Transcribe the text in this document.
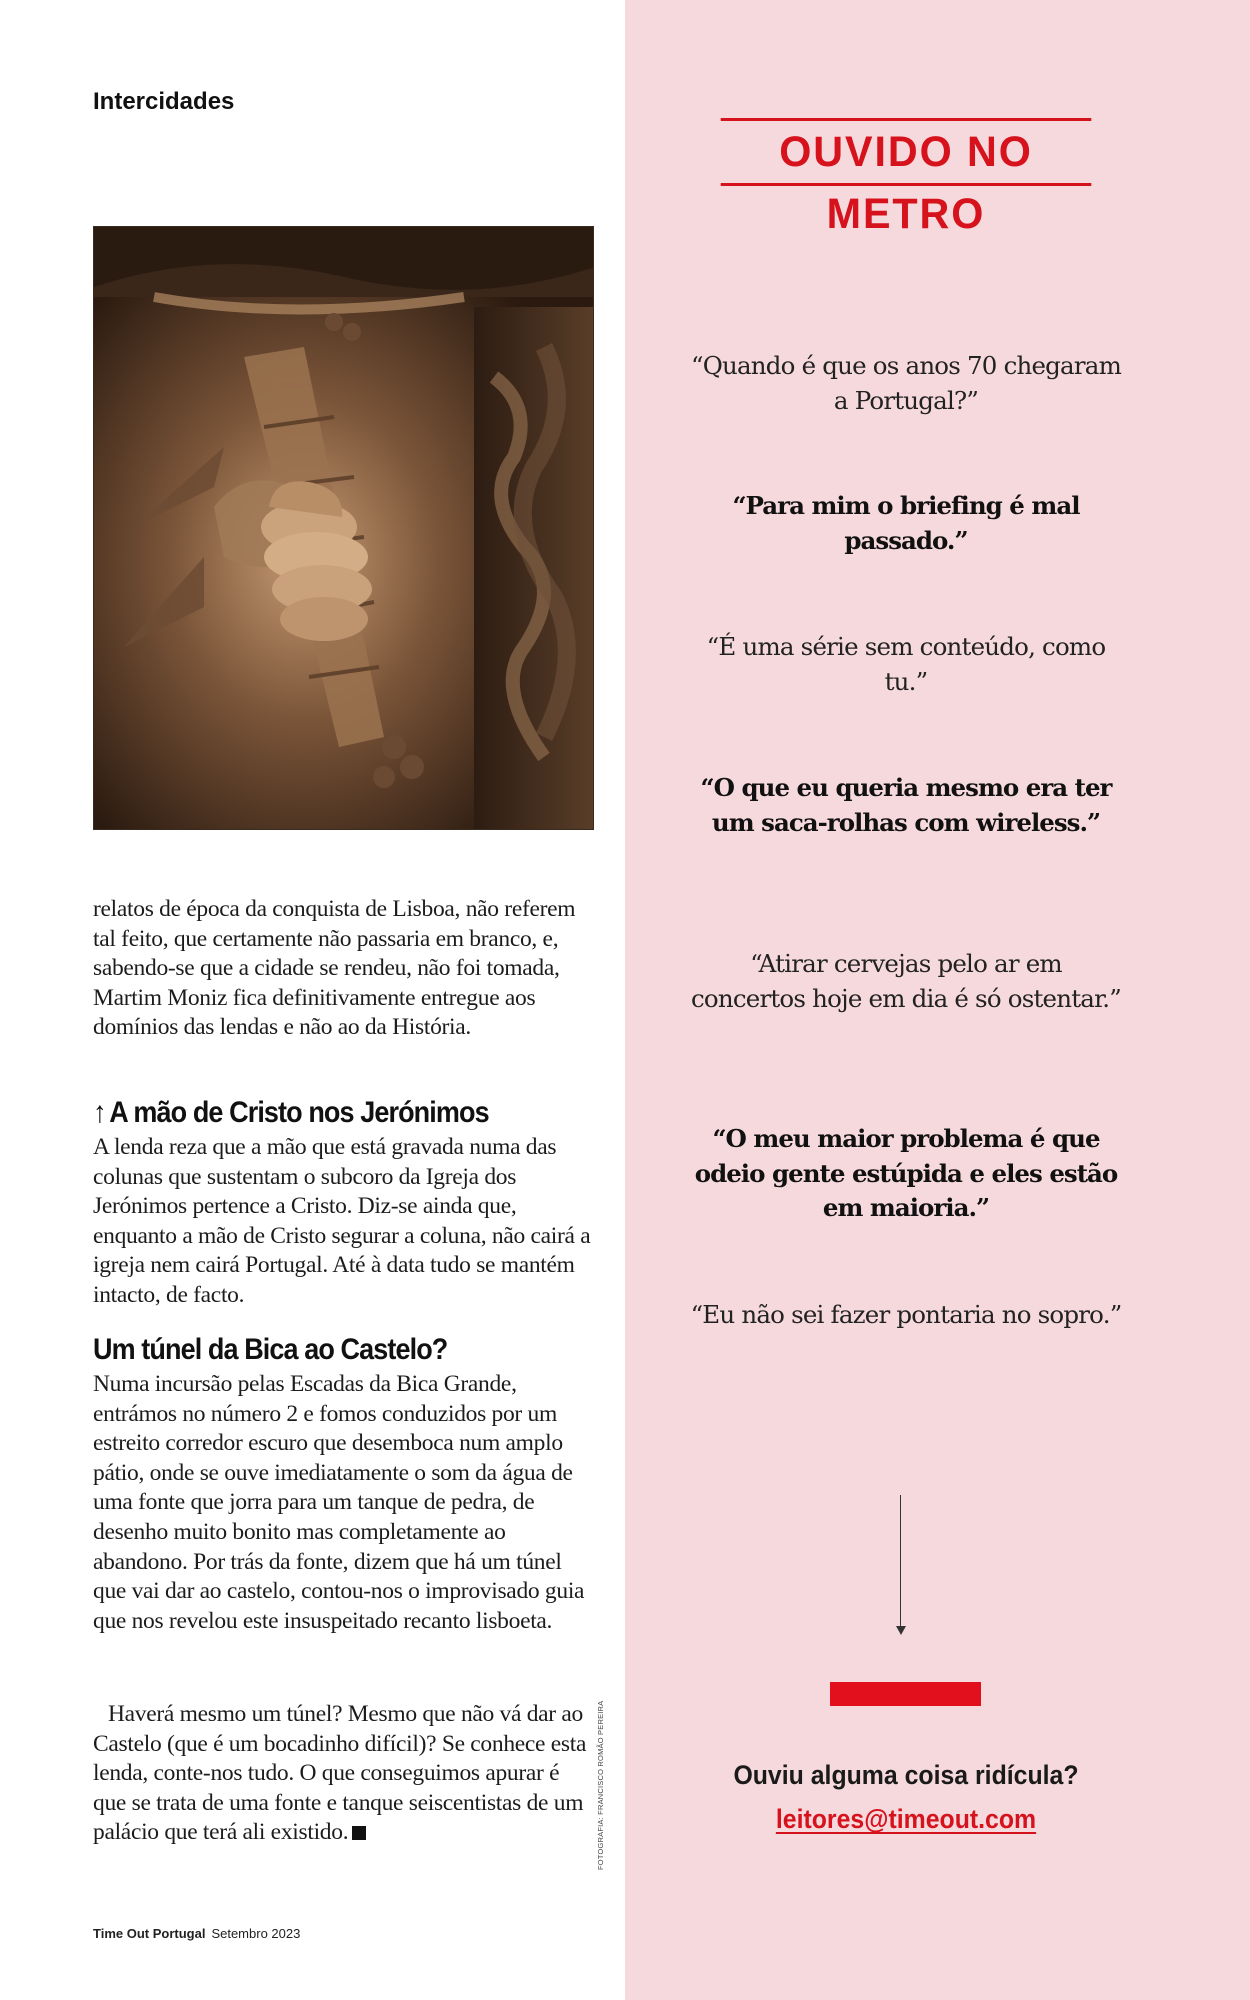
Intercidades

relatos de época da conquista de Lisboa, não referem tal feito, que certamente não passaria em branco, e, sabendo-se que a cidade se rendeu, não foi tomada, Martim Moniz fica definitivamente entregue aos domínios das lendas e não ao da História.

↑ A mão de Cristo nos Jerónimos

A lenda reza que a mão que está gravada numa das colunas que sustentam o subcoro da Igreja dos Jerónimos pertence a Cristo. Diz-se ainda que, enquanto a mão de Cristo segurar a coluna, não cairá a igreja nem cairá Portugal. Até à data tudo se mantém intacto, de facto.

Um túnel da Bica ao Castelo?

Numa incursão pelas Escadas da Bica Grande, entrámos no número 2 e fomos conduzidos por um estreito corredor escuro que desemboca num amplo pátio, onde se ouve imediatamente o som da água de uma fonte que jorra para um tanque de pedra, de desenho muito bonito mas completamente ao abandono. Por trás da fonte, dizem que há um túnel que vai dar ao castelo, contou-nos o improvisado guia que nos revelou este insuspeitado recanto lisboeta.

Haverá mesmo um túnel? Mesmo que não vá dar ao Castelo (que é um bocadinho difícil)? Se conhece esta lenda, conte-nos tudo. O que conseguimos apurar é que se trata de uma fonte e tanque seiscentistas de um palácio que terá ali existido.	FOTOGRAFIA: FRANCISCO ROMÃO PEREIRA
Time Out Portugal Setembro 2023
OUVIDO NO METRO

“Quando é que os anos 70 chegaram a Portugal?”

“Para mim o briefing é mal passado.”

“É uma série sem conteúdo, como tu.”

“O que eu queria mesmo era ter um saca-rolhas com wireless.”

“Atirar cervejas pelo ar em concertos hoje em dia é só ostentar.”

“O meu maior problema é que odeio gente estúpida e eles estão em maioria.”

“Eu não sei fazer pontaria no sopro.”

Ouviu alguma coisa ridícula?
leitores@timeout.com
